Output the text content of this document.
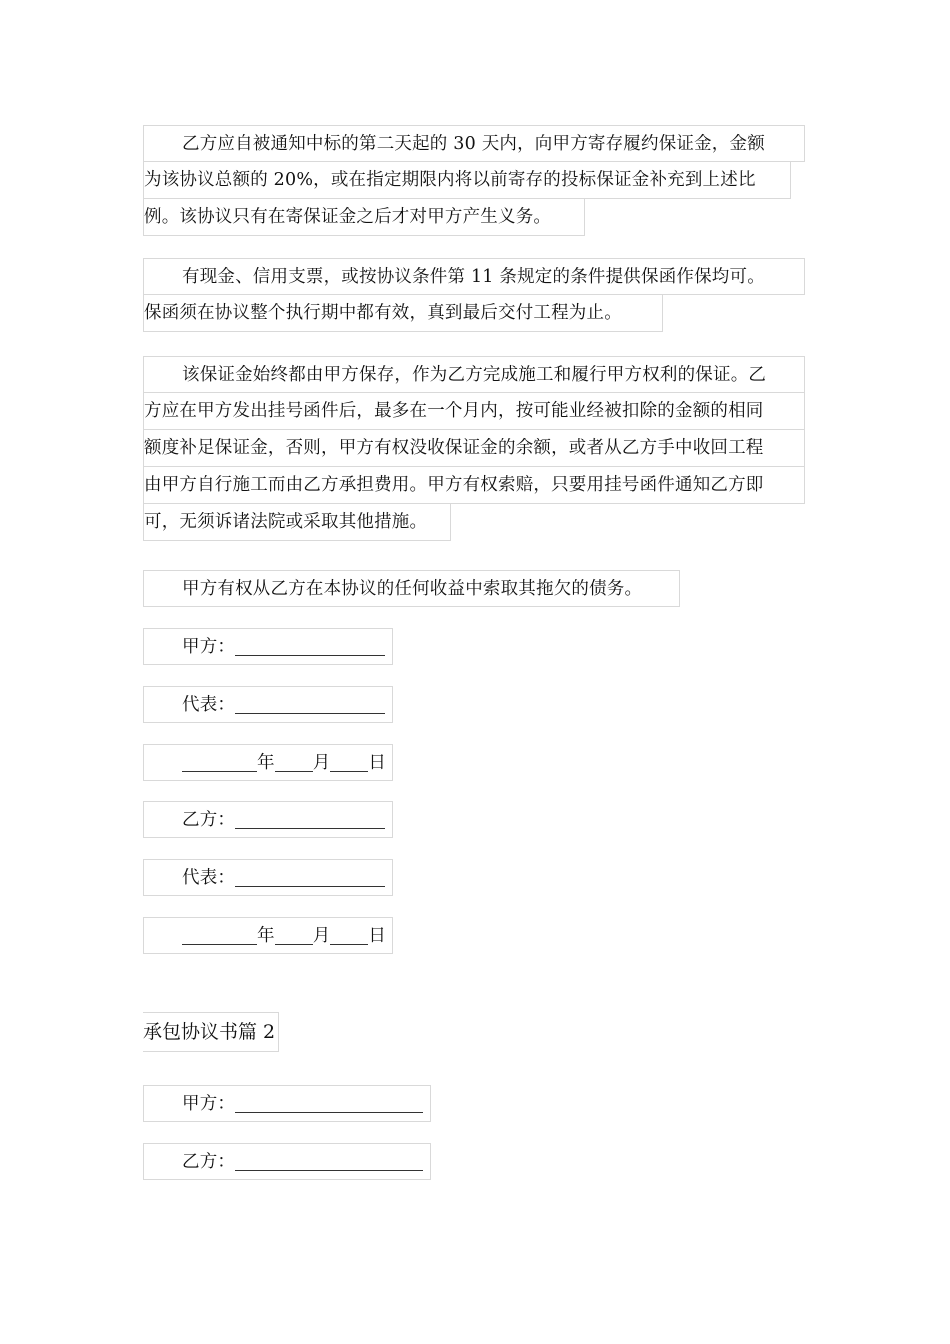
乙方应自被通知中标的第二天起的 30 天内，向甲方寄存履约保证金，金额
为该协议总额的 20%，或在指定期限内将以前寄存的投标保证金补充到上述比
例。该协议只有在寄保证金之后才对甲方产生义务。
有现金、信用支票，或按协议条件第 11 条规定的条件提供保函作保均可。
保函须在协议整个执行期中都有效，真到最后交付工程为止。
该保证金始终都由甲方保存，作为乙方完成施工和履行甲方权利的保证。乙
方应在甲方发出挂号函件后，最多在一个月内，按可能业经被扣除的金额的相同
额度补足保证金，否则，甲方有权没收保证金的余额，或者从乙方手中收回工程
由甲方自行施工而由乙方承担费用。甲方有权索赔，只要用挂号函件通知乙方即
可，无须诉诸法院或采取其他措施。
甲方有权从乙方在本协议的任何收益中索取其拖欠的债务。
甲方：
代表：
年 月 日
乙方：
代表：
年 月 日
承包协议书篇 2
甲方：
乙方：
